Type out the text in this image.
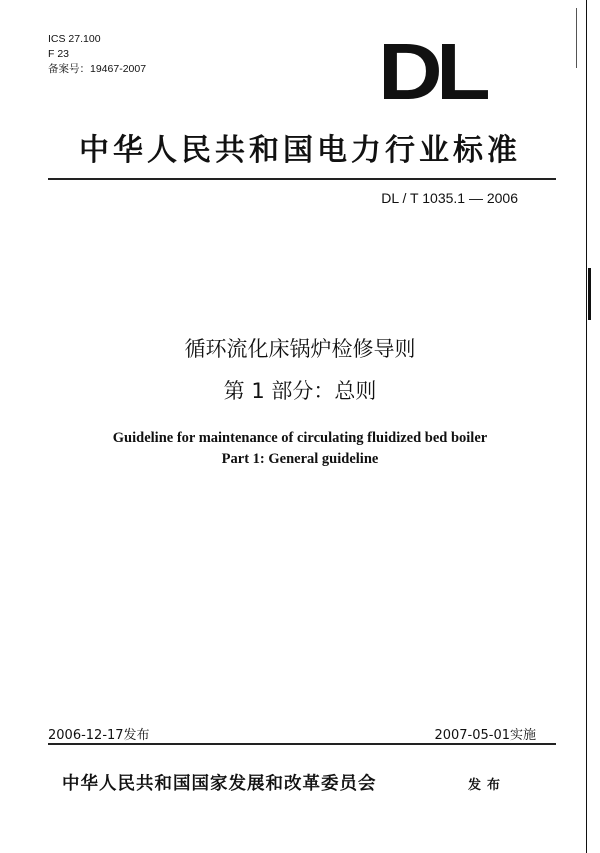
ICS 27.100
F 23
备案号：19467-2007	DL
中华人民共和国电力行业标准
DL / T 1035.1 — 2006
循环流化床锅炉检修导则
第 1 部分：总则
Guideline for maintenance of circulating fluidized bed boiler
Part 1: General guideline
2006-12-17发布	2007-05-01实施
中华人民共和国国家发展和改革委员会	发布
